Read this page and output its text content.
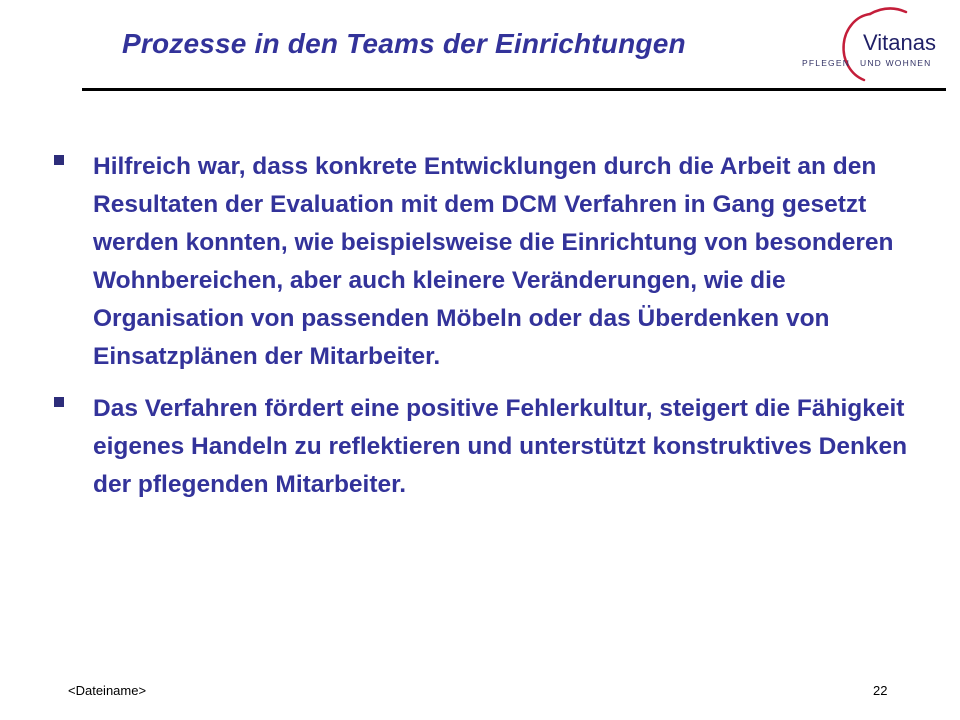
Prozesse in den Teams der Einrichtungen	Vitanas
PFLEGEN UND WOHNEN
Hilfreich war, dass konkrete Entwicklungen durch die Arbeit an den Resultaten der Evaluation mit dem DCM Verfahren in Gang gesetzt werden konnten, wie beispielsweise die Einrichtung von besonderen Wohnbereichen, aber auch kleinere Veränderungen, wie die Organisation von passenden Möbeln oder das Überdenken von Einsatzplänen der Mitarbeiter.
Das Verfahren fördert eine positive Fehlerkultur, steigert die Fähigkeit eigenes Handeln zu reflektieren und unterstützt konstruktives Denken der pflegenden Mitarbeiter.
<Dateiname>	22
